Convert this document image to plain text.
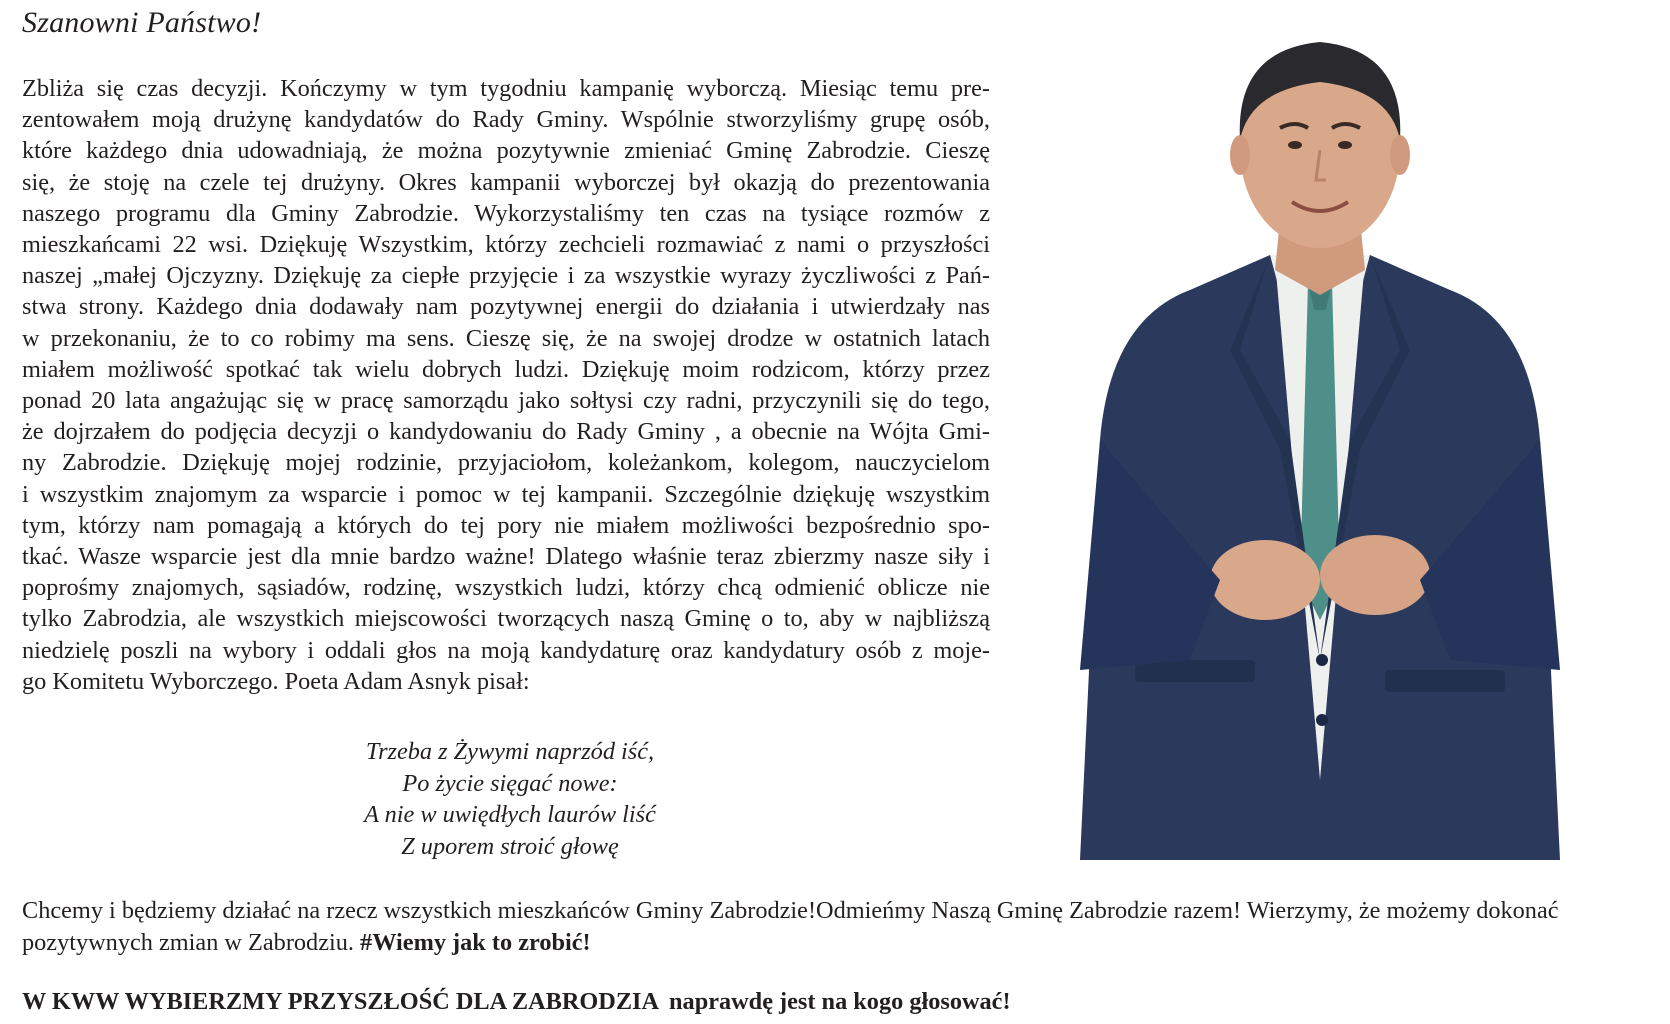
Szanowni Państwo!
Zbliża się czas decyzji. Kończymy w tym tygodniu kampanię wyborczą. Miesiąc temu pre-
zentowałem moją drużynę kandydatów do Rady Gminy. Wspólnie stworzyliśmy grupę osób,
które każdego dnia udowadniają, że można pozytywnie zmieniać Gminę Zabrodzie. Cieszę
się, że stoję na czele tej drużyny. Okres kampanii wyborczej był okazją do prezentowania
naszego programu dla Gminy Zabrodzie. Wykorzystaliśmy ten czas na tysiące rozmów z
mieszkańcami 22 wsi. Dziękuję Wszystkim, którzy zechcieli rozmawiać z nami o przyszłości
naszej „małej Ojczyzny. Dziękuję za ciepłe przyjęcie i za wszystkie wyrazy życzliwości z Pań-
stwa strony. Każdego dnia dodawały nam pozytywnej energii do działania i utwierdzały nas
w przekonaniu, że to co robimy ma sens. Cieszę się, że na swojej drodze w ostatnich latach
miałem możliwość spotkać tak wielu dobrych ludzi. Dziękuję moim rodzicom, którzy przez
ponad 20 lata angażując się w pracę samorządu jako sołtysi czy radni, przyczynili się do tego,
że dojrzałem do podjęcia decyzji o kandydowaniu do Rady Gminy , a obecnie na Wójta Gmi-
ny Zabrodzie. Dziękuję mojej rodzinie, przyjaciołom, koleżankom, kolegom, nauczycielom
i wszystkim znajomym za wsparcie i pomoc w tej kampanii. Szczególnie dziękuję wszystkim
tym, którzy nam pomagają a których do tej pory nie miałem możliwości bezpośrednio spo-
tkać. Wasze wsparcie jest dla mnie bardzo ważne! Dlatego właśnie teraz zbierzmy nasze siły i
poprośmy znajomych, sąsiadów, rodzinę, wszystkich ludzi, którzy chcą odmienić oblicze nie
tylko Zabrodzia, ale wszystkich miejscowości tworzących naszą Gminę o to, aby w najbliższą
niedzielę poszli na wybory i oddali głos na moją kandydaturę oraz kandydatury osób z moje-
go Komitetu Wyborczego. Poeta Adam Asnyk pisał:
Trzeba z Żywymi naprzód iść,
Po życie sięgać nowe:
A nie w uwiędłych laurów liść
Z uporem stroić głowę
Chcemy i będziemy działać na rzecz wszystkich mieszkańców Gminy Zabrodzie!Odmieńmy Naszą Gminę Zabrodzie razem! Wierzymy, że możemy dokonać pozytywnych zmian w Zabrodziu. #Wiemy jak to zrobić!
W KWW WYBIERZMY PRZYSZŁOŚĆ DLA ZABRODZIA naprawdę jest na kogo głosować!
